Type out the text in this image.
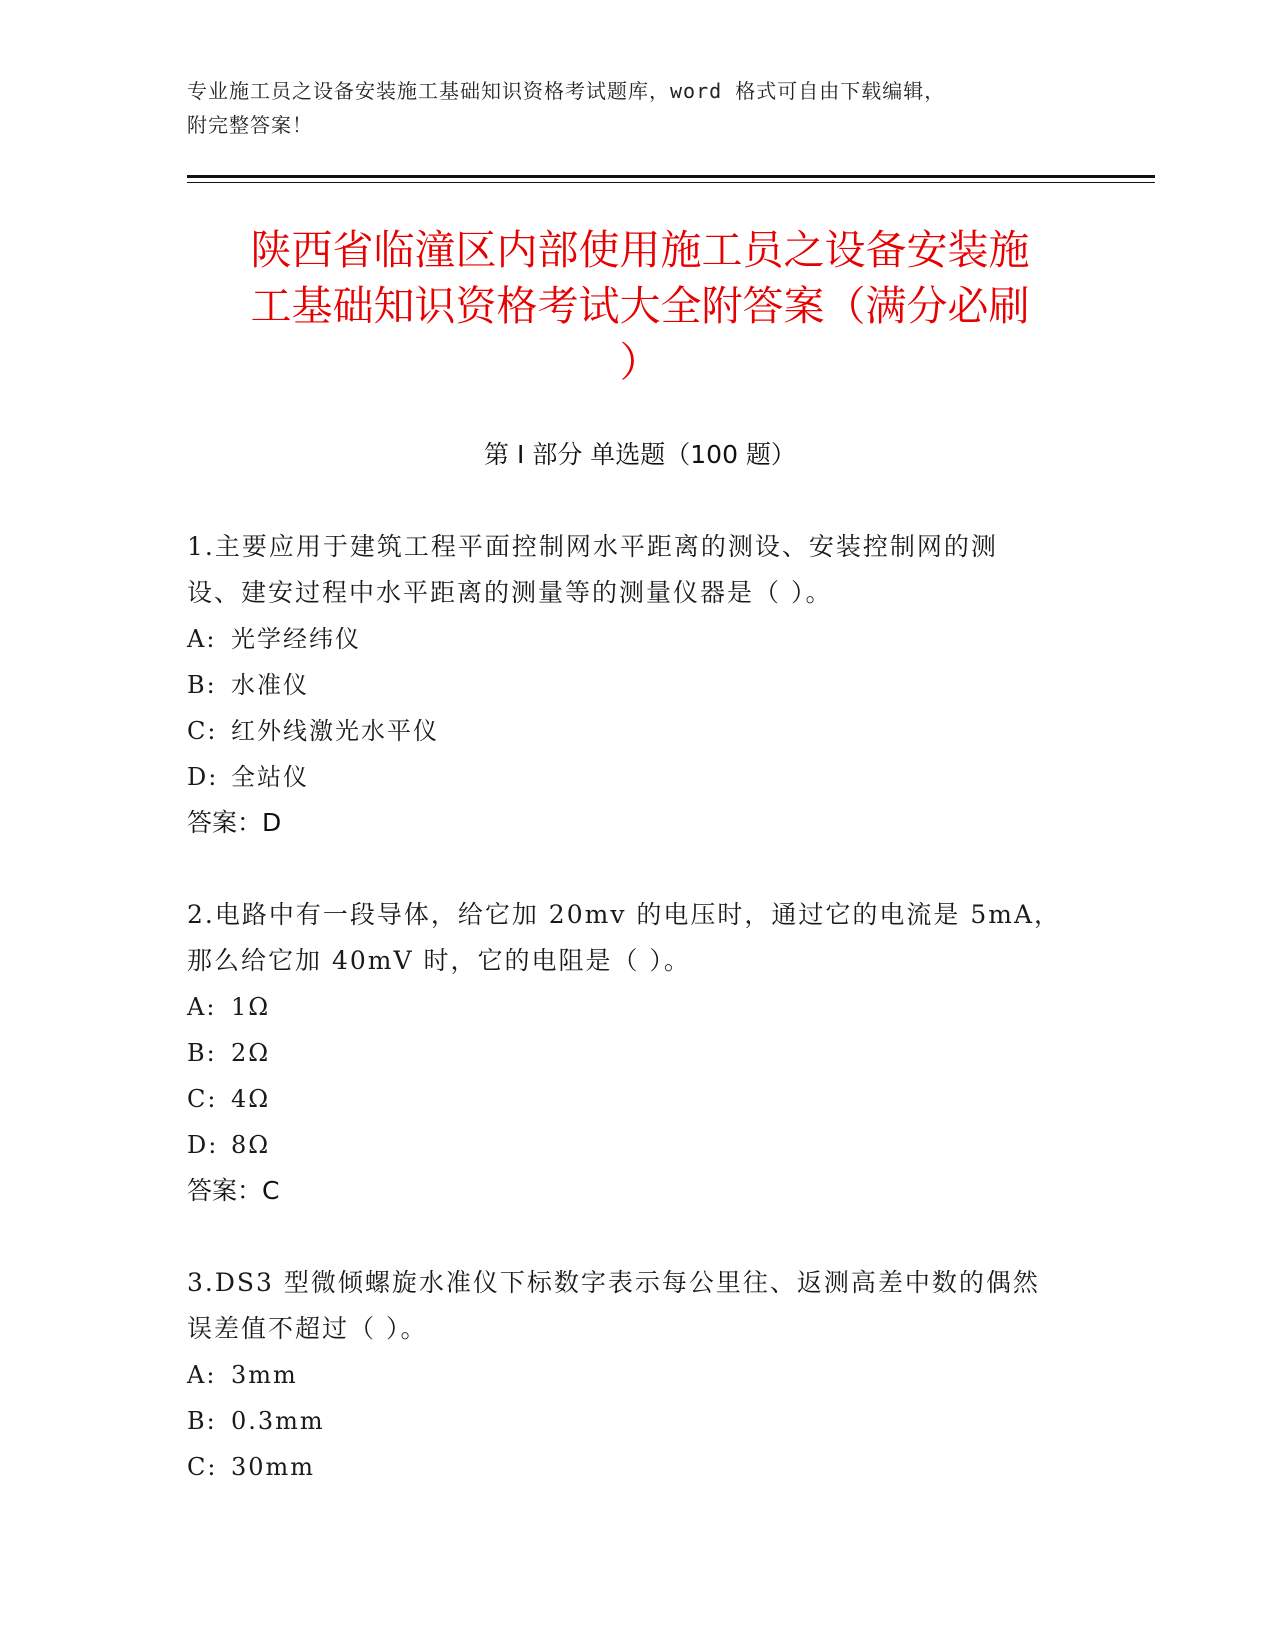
专业施工员之设备安装施工基础知识资格考试题库，word 格式可自由下载编辑，
附完整答案！
陕西省临潼区内部使用施工员之设备安装施
工基础知识资格考试大全附答案（满分必刷
）
第 I 部分 单选题（100 题）
1.主要应用于建筑工程平面控制网水平距离的测设、安装控制网的测
设、建安过程中水平距离的测量等的测量仪器是（ ）。
A: 光学经纬仪
B: 水准仪
C: 红外线激光水平仪
D: 全站仪
答案：D
2.电路中有一段导体，给它加 20mv 的电压时，通过它的电流是 5mA，
那么给它加 40mV 时，它的电阻是（ ）。
A: 1Ω
B: 2Ω
C: 4Ω
D: 8Ω
答案：C
3.DS3 型微倾螺旋水准仪下标数字表示每公里往、返测高差中数的偶然
误差值不超过（ ）。
A: 3mm
B: 0.3mm
C: 30mm
